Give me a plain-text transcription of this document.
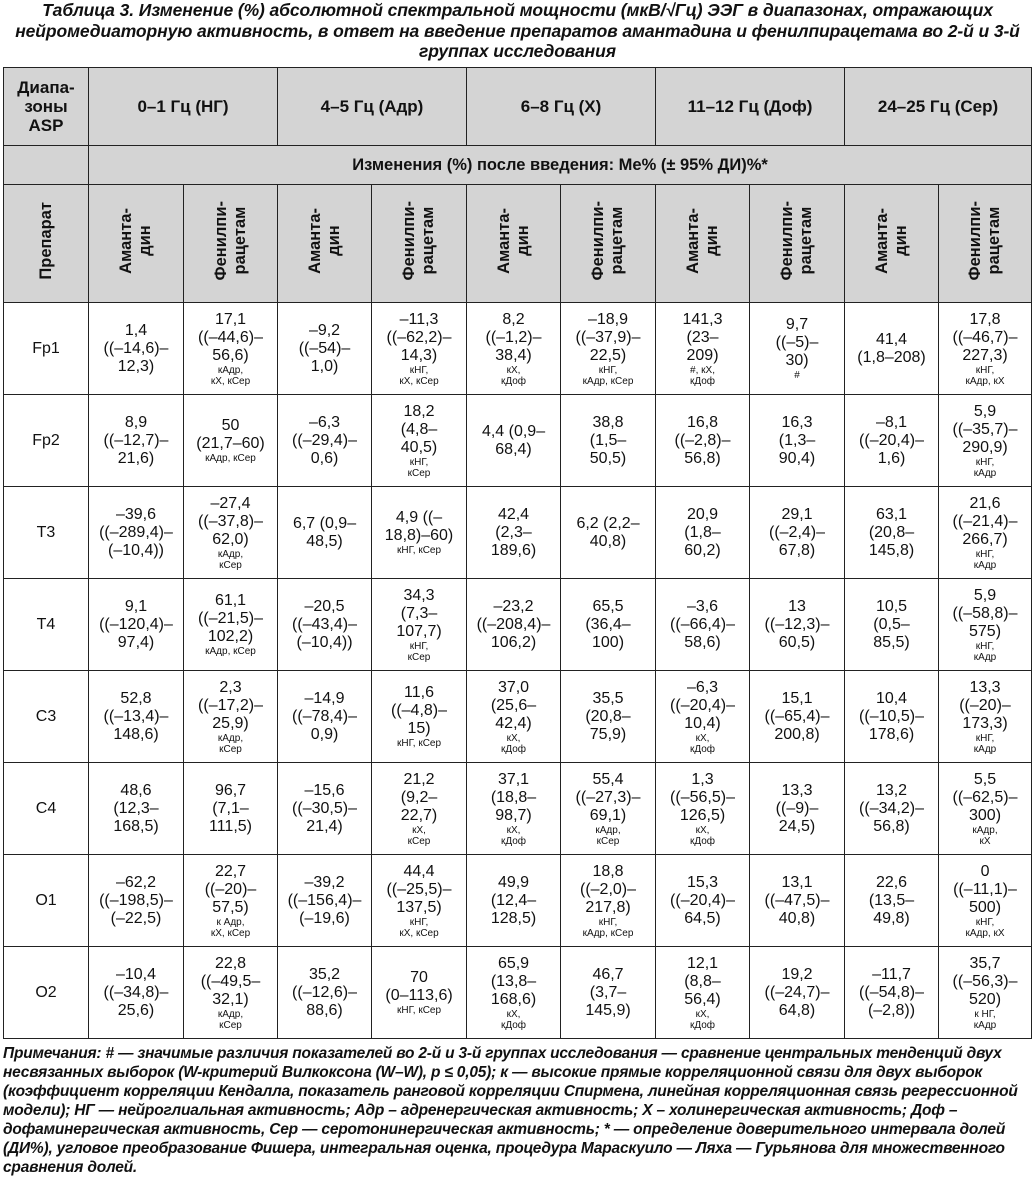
Таблица 3. Изменение (%) абсолютной спектральной мощности (мкВ/√Гц) ЭЭГ в диапазонах, отражающих нейромедиаторную активность, в ответ на введение препаратов амантадина и фенилпирацетама во 2-й и 3-й группах исследования
Диапа-
зоны
ASP	0–1 Гц (НГ)		4–5 Гц (Адр)		6–8 Гц (Х)		11–12 Гц (Доф)		24–25 Гц (Сер)	
	Изменения (%) после введения: Me% (± 95% ДИ)%*									
Препарат	Аманта-
дин	Фенилпи-
рацетам	Аманта-
дин	Фенилпи-
рацетам	Аманта-
дин	Фенилпи-
рацетам	Аманта-
дин	Фенилпи-
рацетам	Аманта-
дин	Фенилпи-
рацетам
Fp1	1,4
((–14,6)–
12,3)	17,1
((–44,6)–
56,6)
кАдр,
кХ, кСер	–9,2
((–54)–
1,0)	–11,3
((–62,2)–
14,3)
кНГ,
кХ, кСер	8,2
((–1,2)–
38,4)
кХ,
кДоф	–18,9
((–37,9)–
22,5)
кНГ,
кАдр, кСер	141,3
(23–
209)
#, кХ,
кДоф	9,7
((–5)–
30)
#	41,4
(1,8–208)	17,8
((–46,7)–
227,3)
кНГ,
кАдр, кХ

Fp2	8,9
((–12,7)–
21,6)	50
(21,7–60)
кАдр, кСер	–6,3
((–29,4)–
0,6)	18,2
(4,8–
40,5)
кНГ,
кСер	4,4 (0,9–
68,4)	38,8
(1,5–
50,5)	16,8
((–2,8)–
56,8)	16,3
(1,3–
90,4)	–8,1
((–20,4)–
1,6)	5,9
((–35,7)–
290,9)
кНГ,
кАдр

T3	–39,6
((–289,4)–
(–10,4))	–27,4
((–37,8)–
62,0)
кАдр,
кСер	6,7 (0,9–
48,5)	4,9 ((–
18,8)–60)
кНГ, кСер	42,4
(2,3–
189,6)	6,2 (2,2–
40,8)	20,9
(1,8–
60,2)	29,1
((–2,4)–
67,8)	63,1
(20,8–
145,8)	21,6
((–21,4)–
266,7)
кНГ,
кАдр

T4	9,1
((–120,4)–
97,4)	61,1
((–21,5)–
102,2)
кАдр, кСер	–20,5
((–43,4)–
(–10,4))	34,3
(7,3–
107,7)
кНГ,
кСер	–23,2
((–208,4)–
106,2)	65,5
(36,4–
100)	–3,6
((–66,4)–
58,6)	13
((–12,3)–
60,5)	10,5
(0,5–
85,5)	5,9
((–58,8)–
575)
кНГ,
кАдр

C3	52,8
((–13,4)–
148,6)	2,3
((–17,2)–
25,9)
кАдр,
кСер	–14,9
((–78,4)–
0,9)	11,6
((–4,8)–
15)
кНГ, кСер	37,0
(25,6–
42,4)
кХ,
кДоф	35,5
(20,8–
75,9)	–6,3
((–20,4)–
10,4)
кХ,
кДоф	15,1
((–65,4)–
200,8)	10,4
((–10,5)–
178,6)	13,3
((–20)–
173,3)
кНГ,
кАдр

C4	48,6
(12,3–
168,5)	96,7
(7,1–
111,5)	–15,6
((–30,5)–
21,4)	21,2
(9,2–
22,7)
кХ,
кСер	37,1
(18,8–
98,7)
кХ,
кДоф	55,4
((–27,3)–
69,1)
кАдр,
кСер	1,3
((–56,5)–
126,5)
кХ,
кДоф	13,3
((–9)–
24,5)	13,2
((–34,2)–
56,8)	5,5
((–62,5)–
300)
кАдр,
кХ

O1	–62,2
((–198,5)–
(–22,5)	22,7
((–20)–
57,5)
к Адр,
кХ, кСер	–39,2
((–156,4)–
(–19,6)	44,4
((–25,5)–
137,5)
кНГ,
кХ, кСер	49,9
(12,4–
128,5)	18,8
((–2,0)–
217,8)
кНГ,
кАдр, кСер	15,3
((–20,4)–
64,5)	13,1
((–47,5)–
40,8)	22,6
(13,5–
49,8)	0
((–11,1)–
500)
кНГ,
кАдр, кХ

O2	–10,4
((–34,8)–
25,6)	22,8
((–49,5–
32,1)
кАдр,
кСер	35,2
((–12,6)–
88,6)	70
(0–113,6)
кНГ, кСер	65,9
(13,8–
168,6)
кХ,
кДоф	46,7
(3,7–
145,9)	12,1
(8,8–
56,4)
кХ,
кДоф	19,2
((–24,7)–
64,8)	–11,7
((–54,8)–
(–2,8))	35,7
((–56,3)–
520)
к НГ,
кАдр
Примечания: # — значимые различия показателей во 2-й и 3-й группах исследования — сравнение центральных тенденций двух несвязанных выборок (W-критерий Вилкоксона (W–W), p ≤ 0,05); к — высокие прямые корреляционной связи для двух выборок (коэффициент корреляции Кендалла, показатель ранговой корреляции Спирмена, линейная корреляционная связь регрессионной модели); НГ — нейроглиальная активность; Адр – адренергическая активность; Х – холинергическая активность; Доф – дофаминергическая активность, Сер — серотонинергическая активность; * — определение доверительного интервала долей (ДИ%), угловое преобразование Фишера, интегральная оценка, процедура Мараскуило — Ляха — Гурьянова для множественного сравнения долей.
